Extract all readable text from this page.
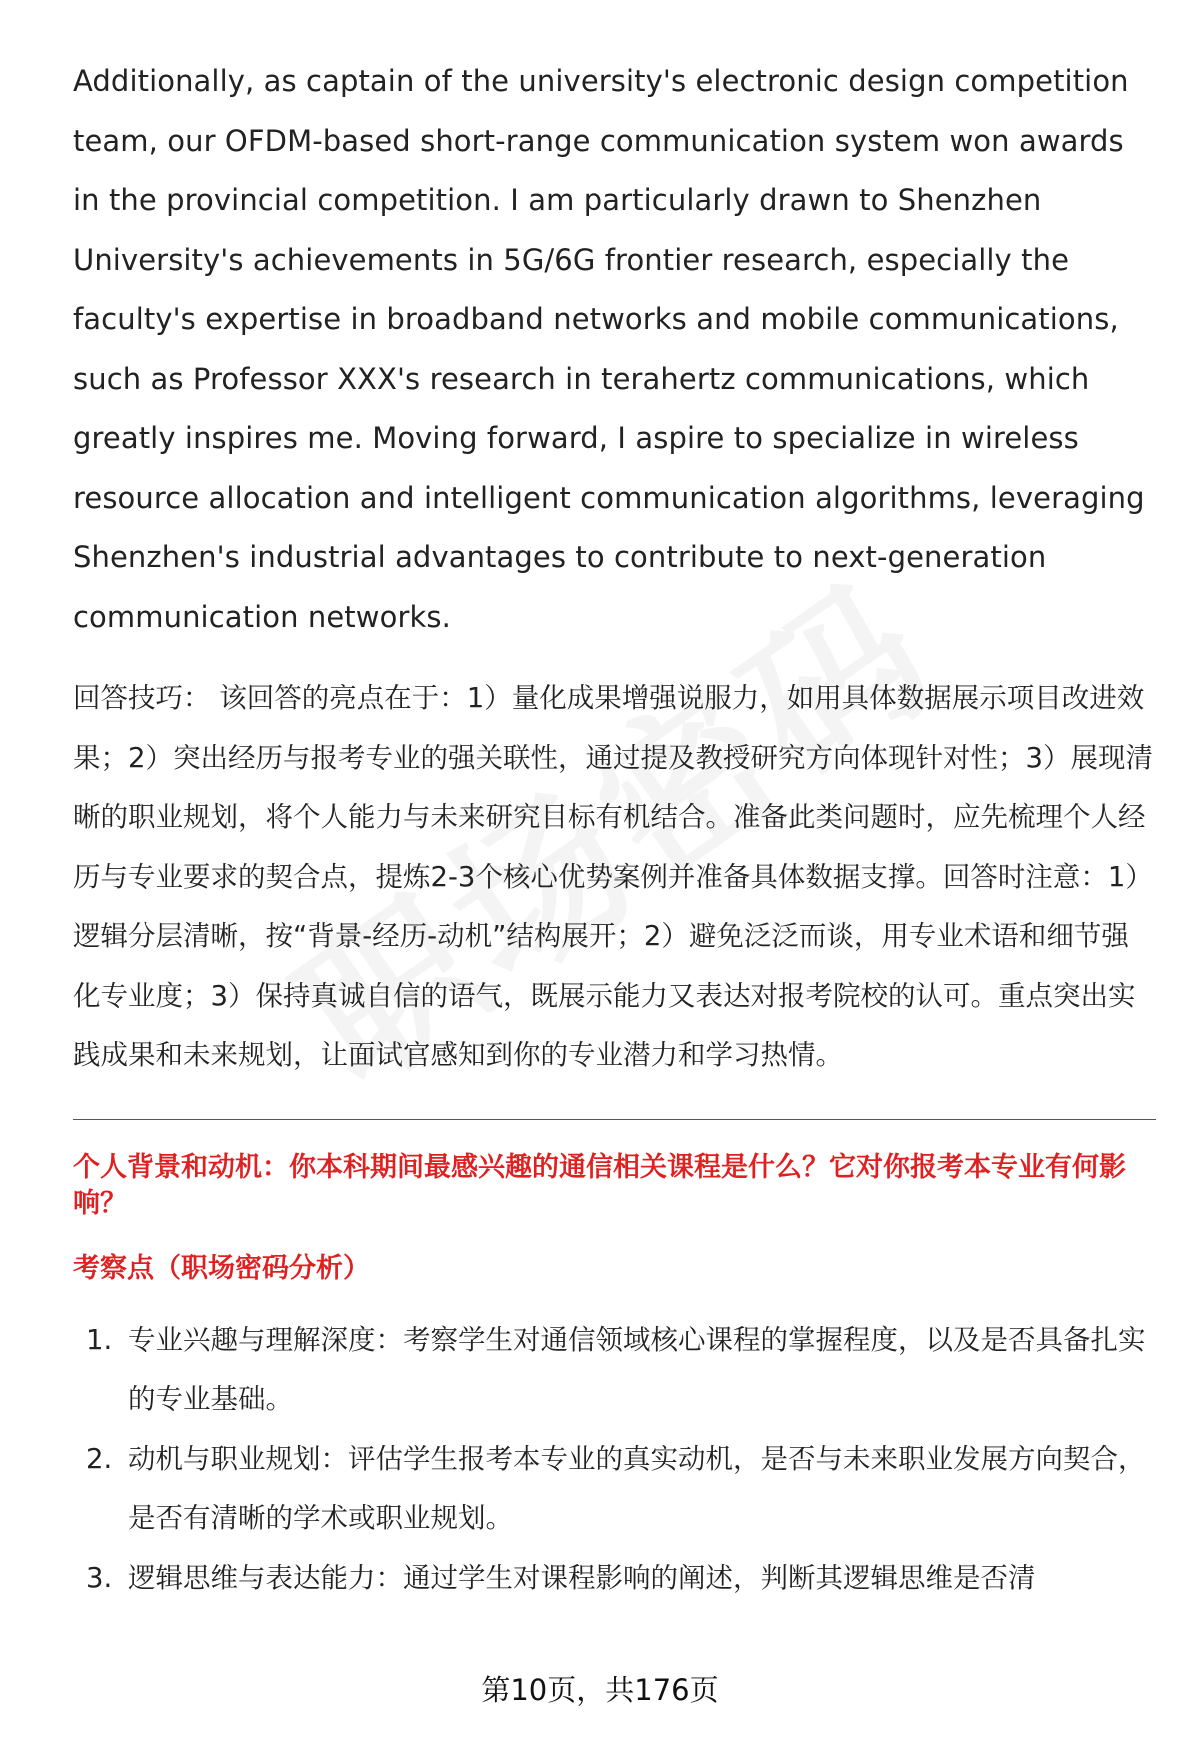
Additionally, as captain of the university's electronic design competition team, our OFDM-based short-range communication system won awards in the provincial competition. I am particularly drawn to Shenzhen University's achievements in 5G/6G frontier research, especially the faculty's expertise in broadband networks and mobile communications, such as Professor XXX's research in terahertz communications, which greatly inspires me. Moving forward, I aspire to specialize in wireless resource allocation and intelligent communication algorithms, leveraging Shenzhen's industrial advantages to contribute to next-generation communication networks.

回答技巧： 该回答的亮点在于：1）量化成果增强说服力，如用具体数据展示项目改进效果；2）突出经历与报考专业的强关联性，通过提及教授研究方向体现针对性；3）展现清晰的职业规划，将个人能力与未来研究目标有机结合。准备此类问题时，应先梳理个人经历与专业要求的契合点，提炼2-3个核心优势案例并准备具体数据支撑。回答时注意：1）逻辑分层清晰，按“背景-经历-动机”结构展开；2）避免泛泛而谈，用专业术语和细节强化专业度；3）保持真诚自信的语气，既展示能力又表达对报考院校的认可。重点突出实践成果和未来规划，让面试官感知到你的专业潜力和学习热情。

个人背景和动机：你本科期间最感兴趣的通信相关课程是什么？它对你报考本专业有何影响？
考察点（职场密码分析）
1. 专业兴趣与理解深度：考察学生对通信领域核心课程的掌握程度，以及是否具备扎实的专业基础。
2. 动机与职业规划：评估学生报考本专业的真实动机，是否与未来职业发展方向契合，是否有清晰的学术或职业规划。
3. 逻辑思维与表达能力：通过学生对课程影响的阐述，判断其逻辑思维是否清
第10页，共176页
